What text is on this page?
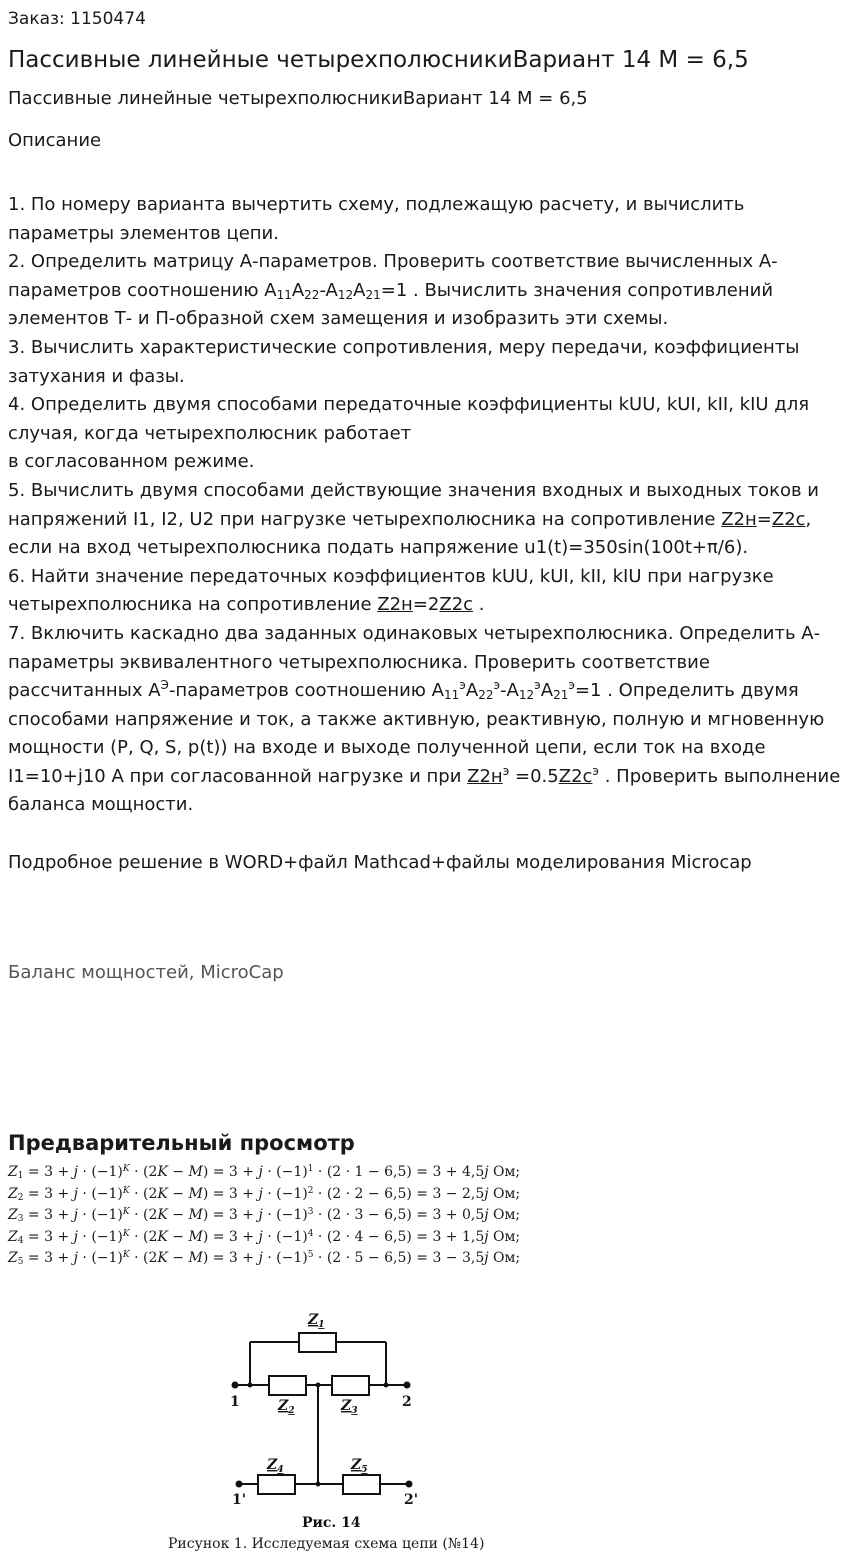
Заказ: 1150474
Пассивные линейные четырехполюсникиВариант 14 М = 6,5
Пассивные линейные четырехполюсникиВариант 14 М = 6,5
Описание

1. По номеру варианта вычертить схему, подлежащую расчету, и вычислить параметры элементов цепи.

2. Определить матрицу А-параметров. Проверить соответствие вычисленных А-параметров соотношению $A_{11}A_{22}-A_{12}A_{21}=1$ . Вычислить значения сопротивлений элементов Т- и П-образной схем замещения и изобразить эти схемы.

3. Вычислить характеристические сопротивления, меру передачи, коэффициенты затухания и фазы.

4. Определить двумя способами передаточные коэффициенты kUU, kUI, kII, kIU для случая, когда четырехполюсник работает
в согласованном режиме.

5. Вычислить двумя способами действующие значения входных и выходных токов и напряжений I1, I2, U2 при нагрузке четырехполюсника на сопротивление Z2н=Z2с, если на вход четырехполюсника подать напряжение u1(t)=350sin(100t+π/6).

6. Найти значение передаточных коэффициентов kUU, kUI, kII, kIU при нагрузке четырехполюсника на сопротивление Z2н=2Z2с .

7. Включить каскадно два заданных одинаковых четырехполюсника. Определить А-параметры эквивалентного четырехполюсника. Проверить соответствие рассчитанных $А^Э$-параметров соотношению $A_{11}^эA_{22}^э-A_{12}^эA_{21}^э=1$ . Определить двумя способами напряжение и ток, а также активную, реактивную, полную и мгновенную мощности (P, Q, S, p(t)) на входе и выходе полученной цепи, если ток на входе I1=10+j10 А при согласованной нагрузке и при $Z2н^э =0.5Z2с^э$ . Проверить выполнение баланса мощности.

Подробное решение в WORD+файл Mathcad+файлы моделирования Microcap

Баланс мощностей, MicroCap
Предварительный просмотр
$Z_1 = 3 + j \cdot (-1)^K \cdot (2K - M) = 3 + j \cdot (-1)^1 \cdot (2 \cdot 1 - 6,5) = 3 + 4,5j$ Ом;
$Z_2 = 3 + j \cdot (-1)^K \cdot (2K - M) = 3 + j \cdot (-1)^2 \cdot (2 \cdot 2 - 6,5) = 3 - 2,5j$ Ом;
$Z_3 = 3 + j \cdot (-1)^K \cdot (2K - M) = 3 + j \cdot (-1)^3 \cdot (2 \cdot 3 - 6,5) = 3 + 0,5j$ Ом;
$Z_4 = 3 + j \cdot (-1)^K \cdot (2K - M) = 3 + j \cdot (-1)^4 \cdot (2 \cdot 4 - 6,5) = 3 + 1,5j$ Ом;
$Z_5 = 3 + j \cdot (-1)^K \cdot (2K - M) = 3 + j \cdot (-1)^5 \cdot (2 \cdot 5 - 6,5) = 3 - 3,5j$ Ом;
$Z_1$
$Z_2$	$Z_3$
$Z_4$	$Z_5$
1	2
1'	2'
Рис. 14
Рисунок 1. Исследуемая схема цепи (№14)
